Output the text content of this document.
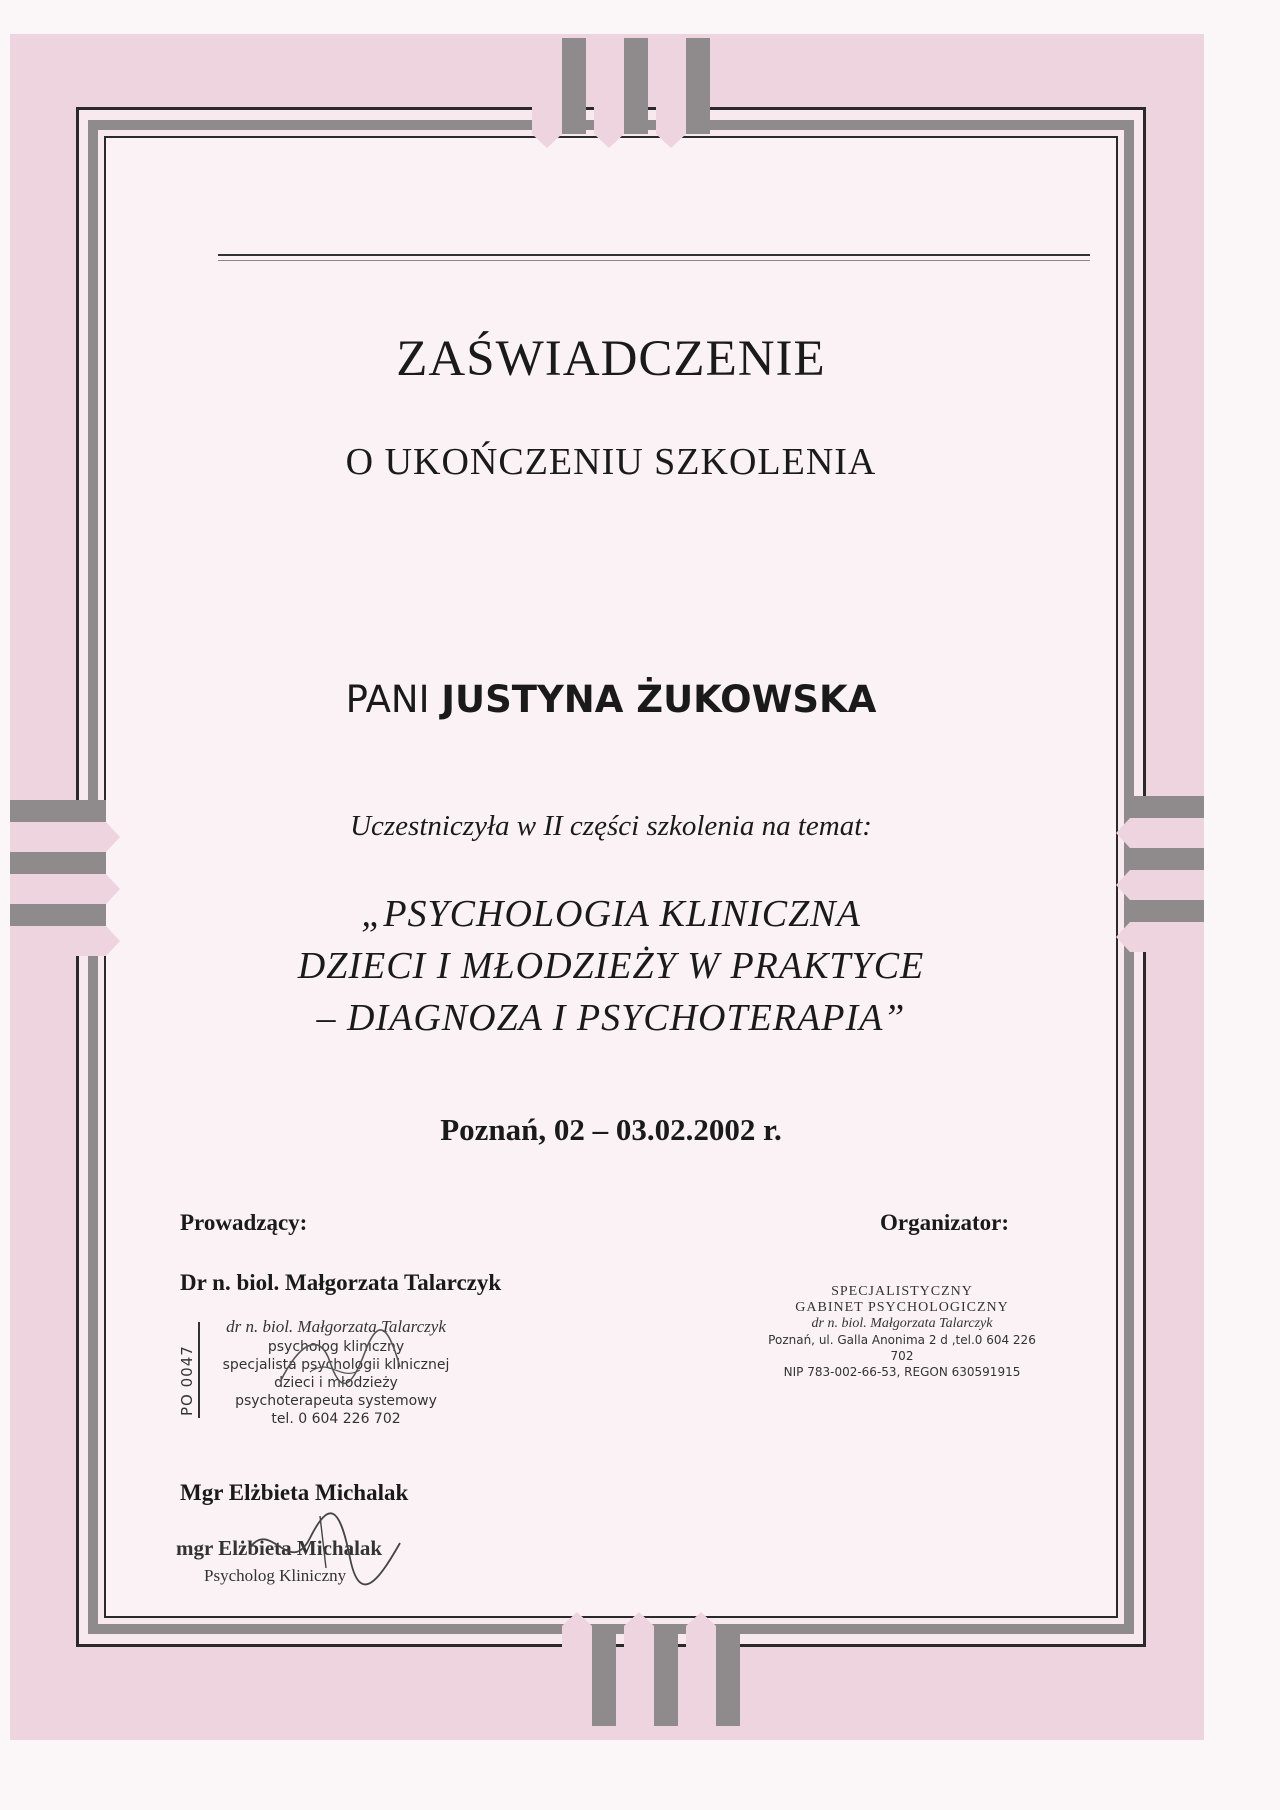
ZAŚWIADCZENIE
O UKOŃCZENIU SZKOLENIA
PANI JUSTYNA ŻUKOWSKA
Uczestniczyła w II części szkolenia na temat:
„PSYCHOLOGIA KLINICZNA
DZIECI I MŁODZIEŻY W PRAKTYCE
– DIAGNOZA I PSYCHOTERAPIA”
Poznań, 02 – 03.02.2002 r.
Prowadzący:	Organizator:
Dr n. biol. Małgorzata Talarczyk
PO 0047
dr n. biol. Małgorzata Talarczyk
psycholog kliniczny
specjalista psychologii klinicznej
dzieci i młodzieży
psychoterapeuta systemowy
tel. 0 604 226 702
SPECJALISTYCZNY
GABINET PSYCHOLOGICZNY
dr n. biol. Małgorzata Talarczyk
Poznań, ul. Galla Anonima 2 d ,tel.0 604 226 702
NIP 783-002-66-53, REGON 630591915
Mgr Elżbieta Michalak
mgr Elżbieta Michalak
Psycholog Kliniczny
